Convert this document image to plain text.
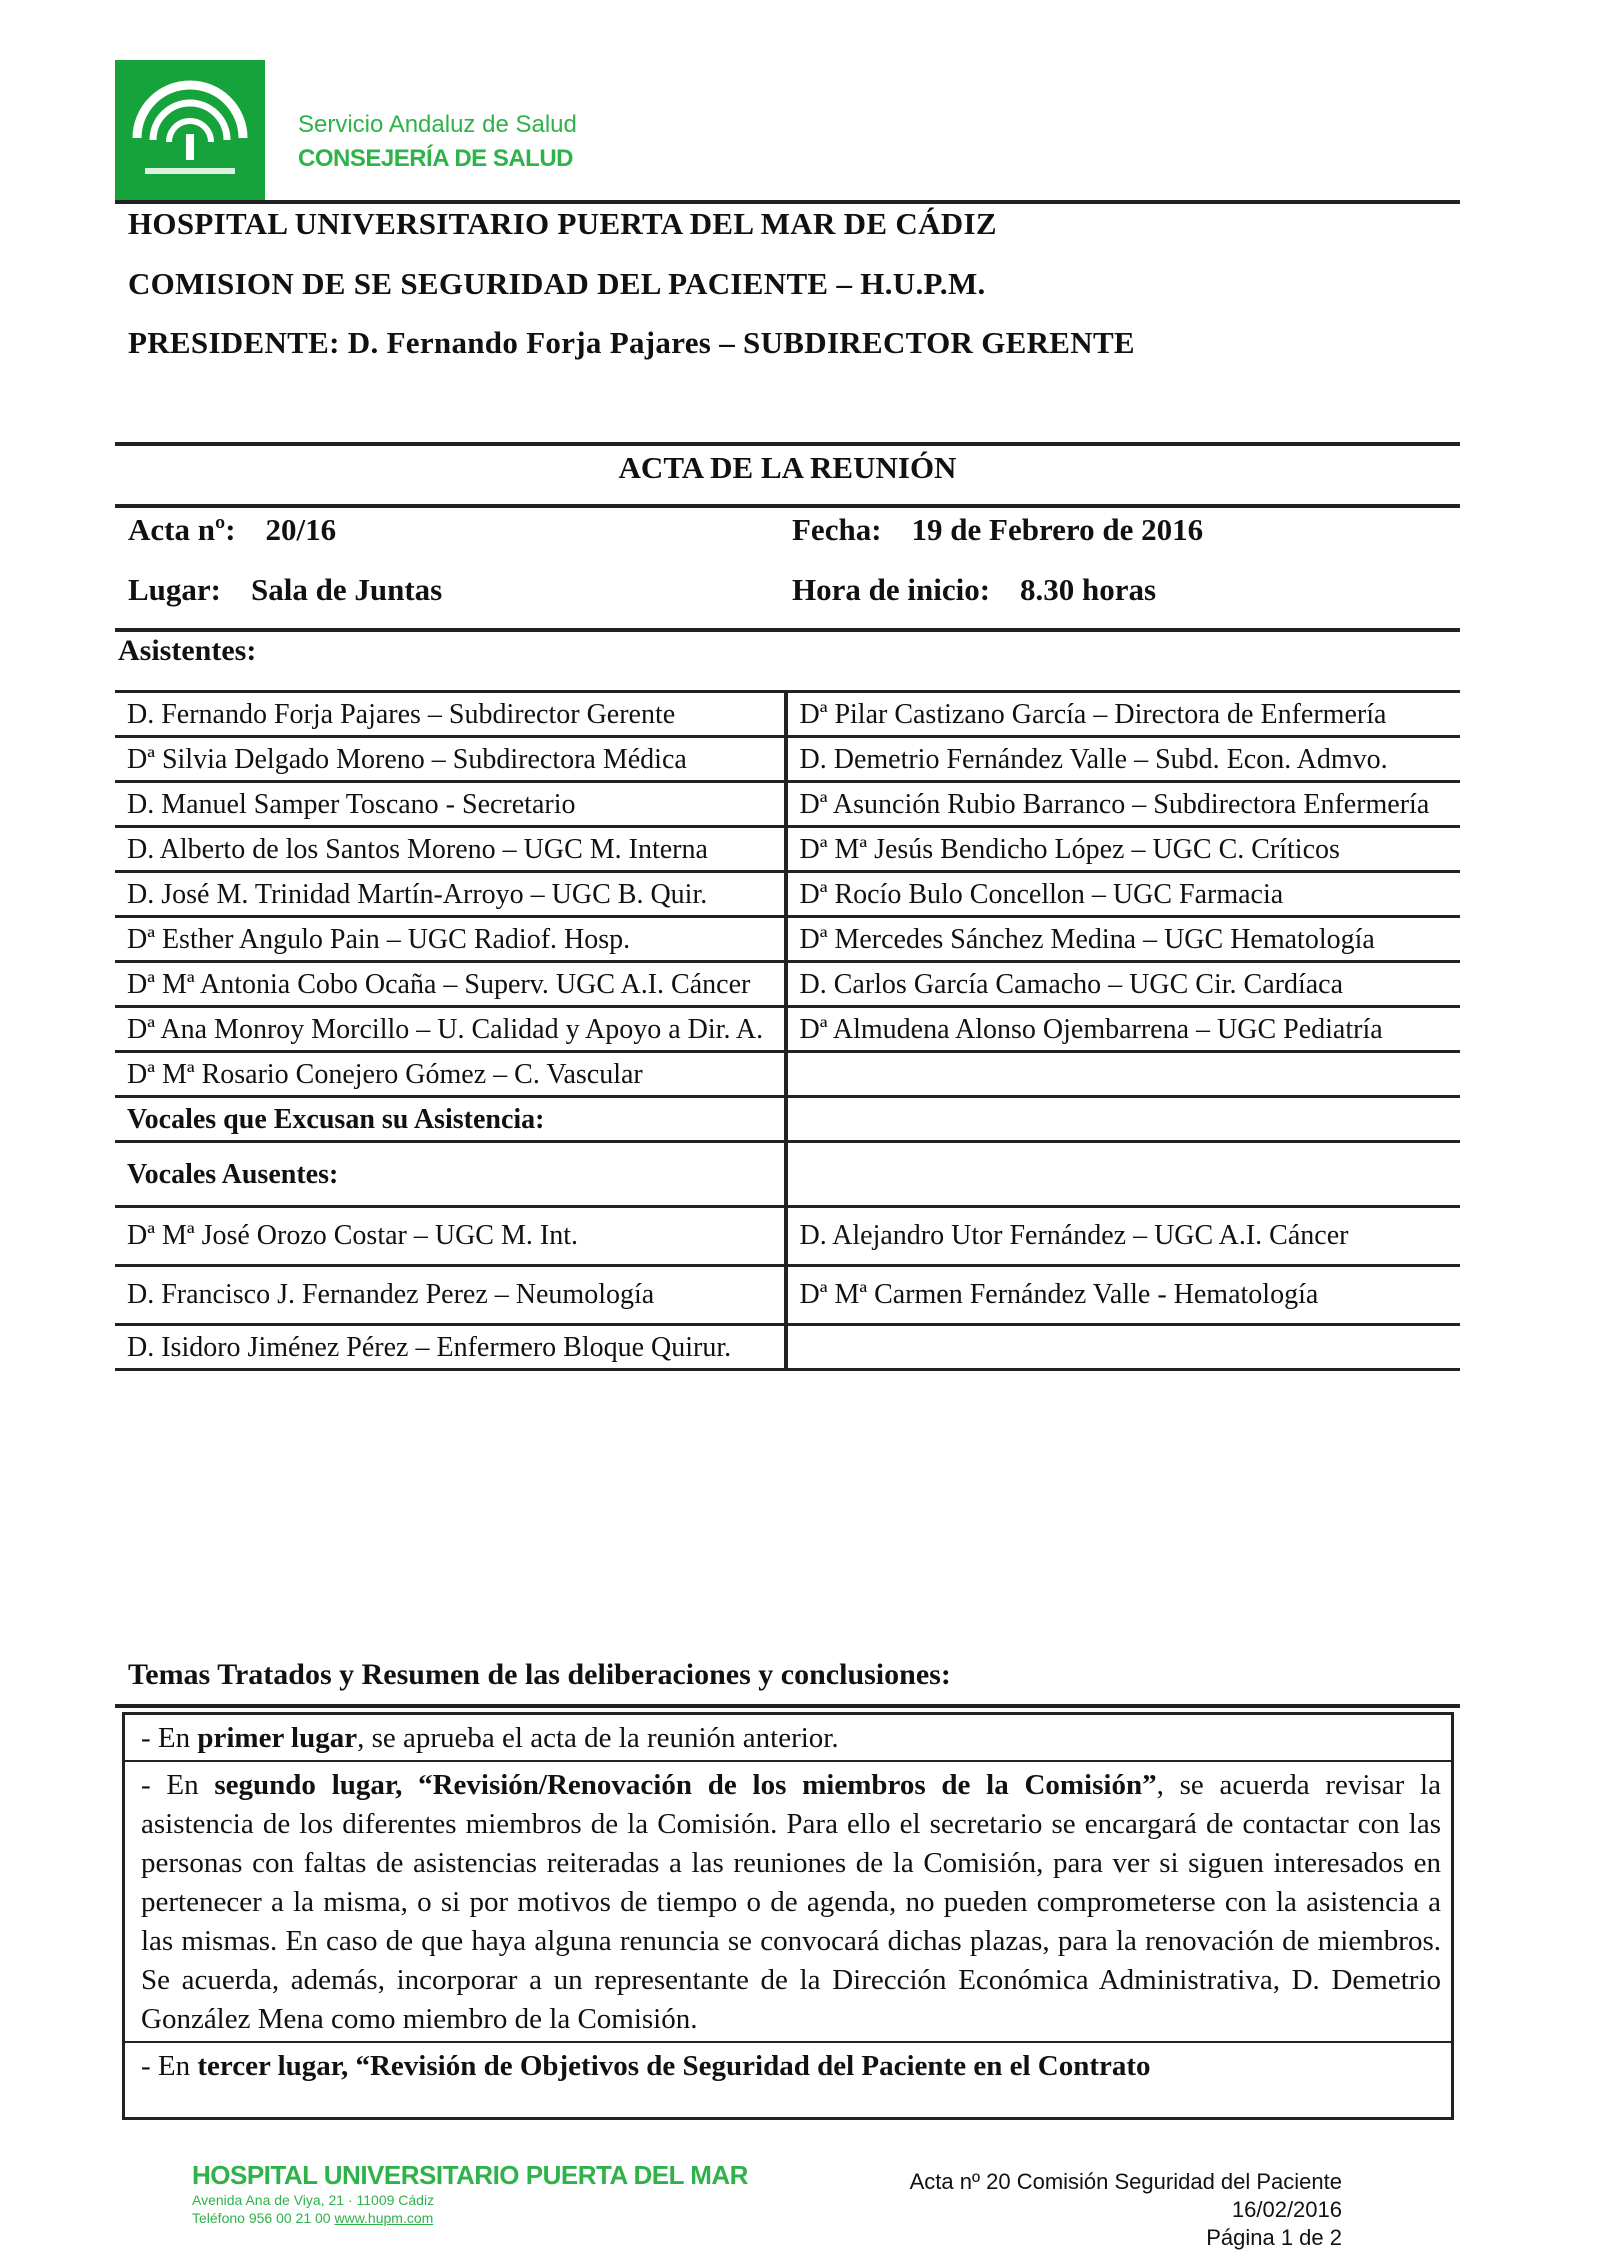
Servicio Andaluz de Salud
CONSEJERÍA DE SALUD
HOSPITAL UNIVERSITARIO PUERTA DEL MAR DE CÁDIZ
COMISION DE SE SEGURIDAD DEL PACIENTE – H.U.P.M.
PRESIDENTE: D. Fernando Forja Pajares – SUBDIRECTOR GERENTE
ACTA DE LA REUNIÓN
Acta nº: 20/16	Fecha: 19 de Febrero de 2016
Lugar: Sala de Juntas	Hora de inicio: 8.30 horas
Asistentes:
D. Fernando Forja Pajares – Subdirector Gerente	Dª Pilar Castizano García – Directora de Enfermería
Dª Silvia Delgado Moreno – Subdirectora Médica	D. Demetrio Fernández Valle – Subd. Econ. Admvo.
D. Manuel Samper Toscano - Secretario	Dª Asunción Rubio Barranco – Subdirectora Enfermería
D. Alberto de los Santos Moreno – UGC M. Interna	Dª Mª Jesús Bendicho López – UGC C. Críticos
D. José M. Trinidad Martín-Arroyo – UGC B. Quir.	Dª Rocío Bulo Concellon – UGC Farmacia
Dª Esther Angulo Pain – UGC Radiof. Hosp.	Dª Mercedes Sánchez Medina – UGC Hematología
Dª Mª Antonia Cobo Ocaña – Superv. UGC A.I. Cáncer	D. Carlos García Camacho – UGC Cir. Cardíaca
Dª Ana Monroy Morcillo – U. Calidad y Apoyo a Dir. A.	Dª Almudena Alonso Ojembarrena – UGC Pediatría
Dª Mª Rosario Conejero Gómez – C. Vascular
Vocales que Excusan su Asistencia:
Vocales Ausentes:
Dª Mª José Orozo Costar – UGC M. Int.	D. Alejandro Utor Fernández – UGC A.I. Cáncer
D. Francisco J. Fernandez Perez – Neumología	Dª Mª Carmen Fernández Valle - Hematología
D. Isidoro Jiménez Pérez – Enfermero Bloque Quirur.
Temas Tratados y Resumen de las deliberaciones y conclusiones:
- En primer lugar, se aprueba el acta de la reunión anterior.
- En segundo lugar, “Revisión/Renovación de los miembros de la Comisión”, se acuerda revisar la asistencia de los diferentes miembros de la Comisión. Para ello el secretario se encargará de contactar con las personas con faltas de asistencias reiteradas a las reuniones de la Comisión, para ver si siguen interesados en pertenecer a la misma, o si por motivos de tiempo o de agenda, no pueden comprometerse con la asistencia a las mismas. En caso de que haya alguna renuncia se convocará dichas plazas, para la renovación de miembros. Se acuerda, además, incorporar a un representante de la Dirección Económica Administrativa, D. Demetrio González Mena como miembro de la Comisión.
- En tercer lugar, “Revisión de Objetivos de Seguridad del Paciente en el Contrato
HOSPITAL UNIVERSITARIO PUERTA DEL MAR
Avenida Ana de Viya, 21 · 11009 Cádiz
Teléfono 956 00 21 00 www.hupm.com
Acta nº 20 Comisión Seguridad del Paciente
16/02/2016
Página 1 de 2
